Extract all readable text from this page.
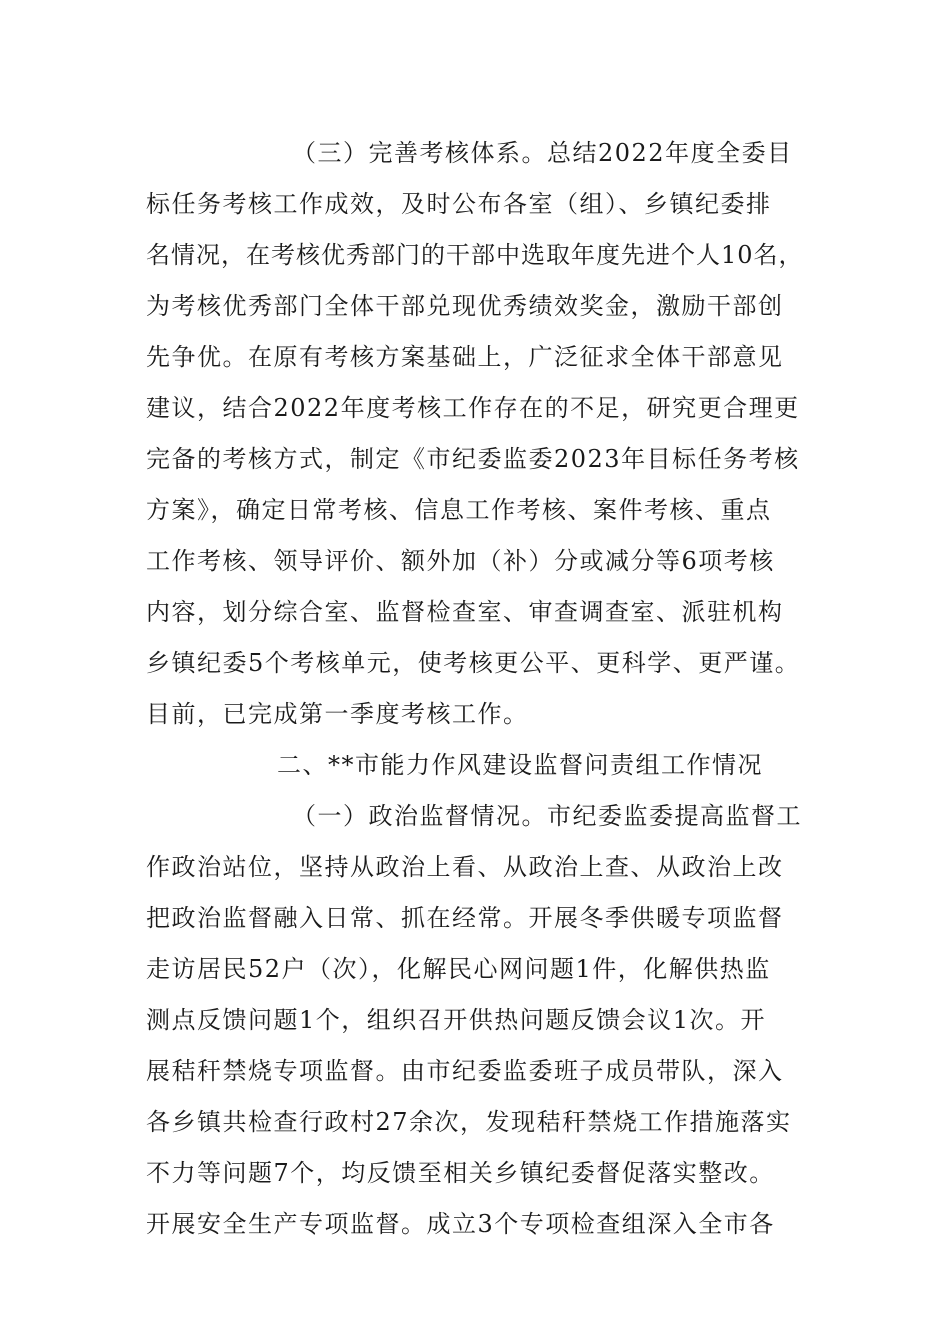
（三）完善考核体系。总结2022年度全委目
标任务考核工作成效，及时公布各室（组）、乡镇纪委排
名情况，在考核优秀部门的干部中选取年度先进个人10名，
为考核优秀部门全体干部兑现优秀绩效奖金，激励干部创
先争优。在原有考核方案基础上，广泛征求全体干部意见
建议，结合2022年度考核工作存在的不足，研究更合理更
完备的考核方式，制定《市纪委监委2023年目标任务考核
方案》，确定日常考核、信息工作考核、案件考核、重点
工作考核、领导评价、额外加（补）分或减分等6项考核
内容，划分综合室、监督检查室、审查调查室、派驻机构
乡镇纪委5个考核单元，使考核更公平、更科学、更严谨。
目前，已完成第一季度考核工作。
二、**市能力作风建设监督问责组工作情况
（一）政治监督情况。市纪委监委提高监督工
作政治站位，坚持从政治上看、从政治上查、从政治上改
把政治监督融入日常、抓在经常。开展冬季供暖专项监督
走访居民52户（次），化解民心网问题1件，化解供热监
测点反馈问题1个，组织召开供热问题反馈会议1次。开
展秸秆禁烧专项监督。由市纪委监委班子成员带队，深入
各乡镇共检查行政村27余次，发现秸秆禁烧工作措施落实
不力等问题7个，均反馈至相关乡镇纪委督促落实整改。
开展安全生产专项监督。成立3个专项检查组深入全市各
